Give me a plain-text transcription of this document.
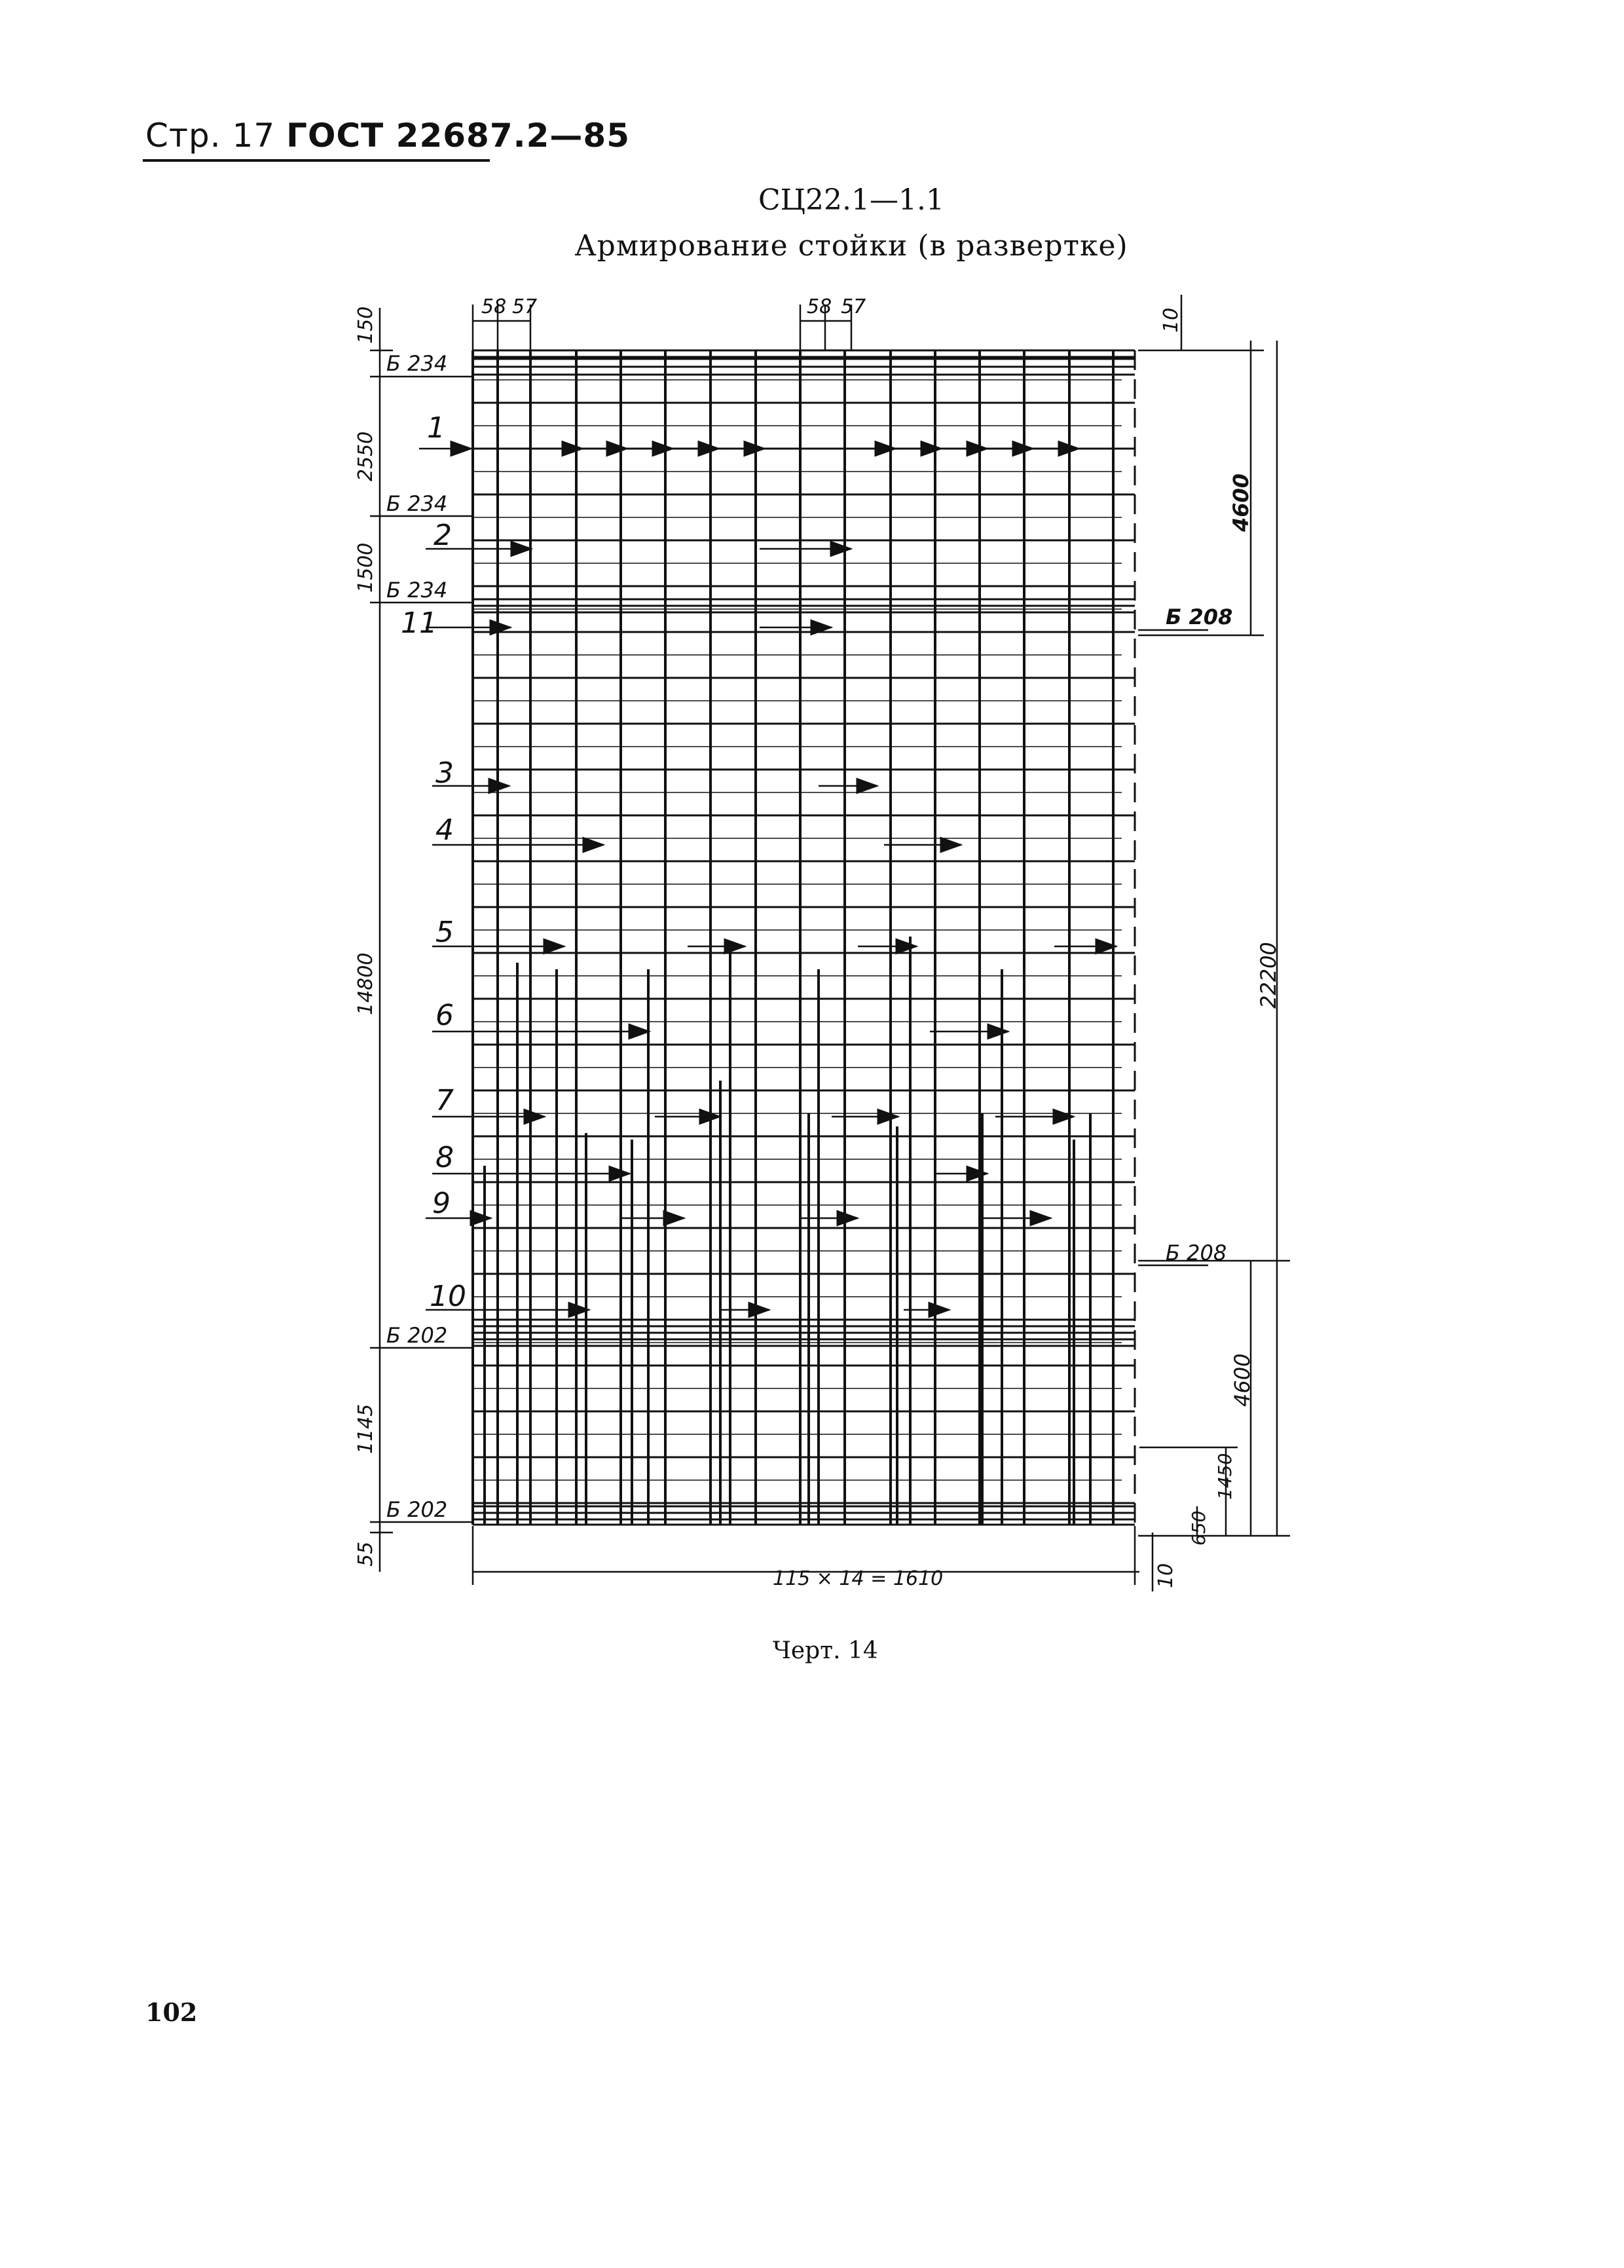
Стр. 17 ГОСТ 22687.2—85
СЦ22.1—1.1
Армирование стойки (в развертке)
58 57	58 57
Б 234
Б 234
Б 234
Б 202
Б 202
Б 208
Б 208
1
2
11
3
4
5
6
7
8
9
10
150
2550
1500
14800
1145
55
10
4600
22200
4600
1450
650
115 × 14 = 1610	10
Черт. 14
102
